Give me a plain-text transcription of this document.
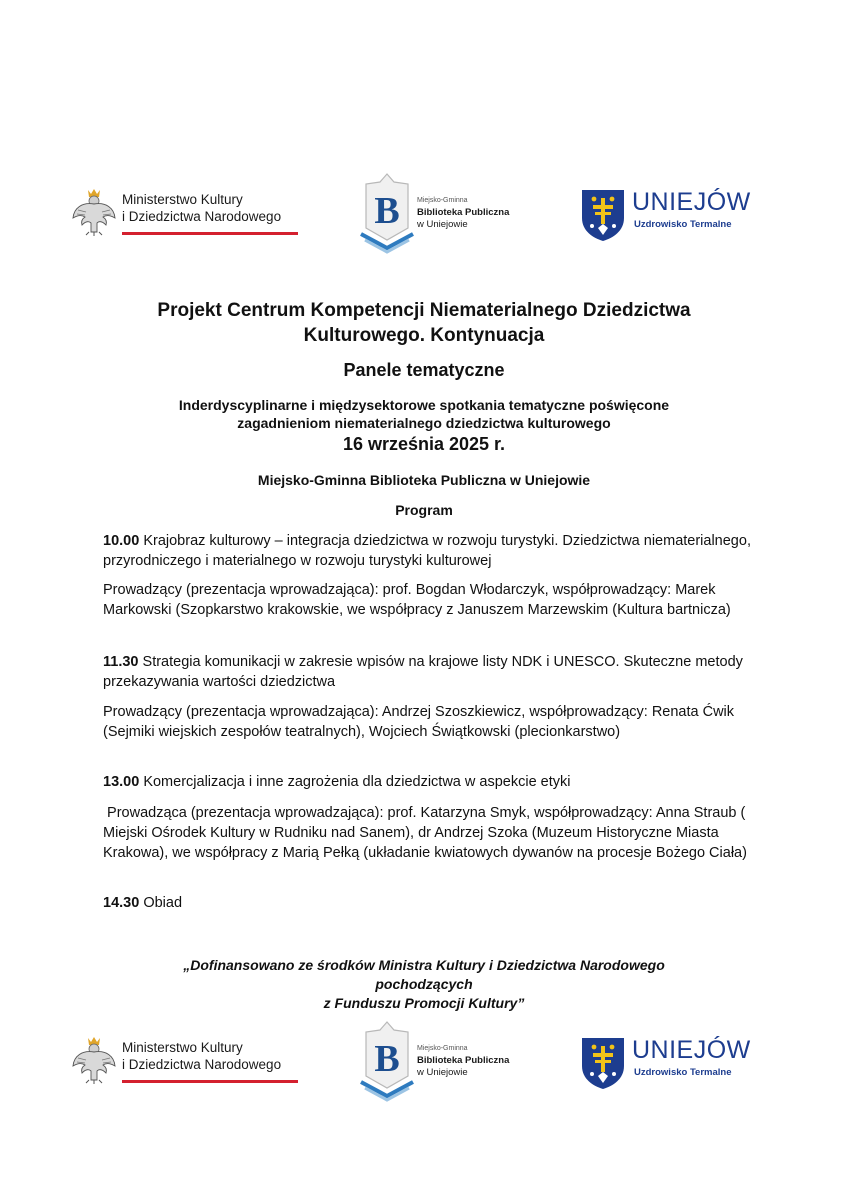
Ministerstwo Kultury
i Dziedzictwa Narodowego B Miejsko-Gminna
Biblioteka Publiczna
w Uniejowie
UNIEJÓW
Uzdrowisko Termalne
Projekt Centrum Kompetencji Niematerialnego Dziedzictwa
Kulturowego. Kontynuacja
Panele tematyczne
Inderdyscyplinarne i międzysektorowe spotkania tematyczne poświęcone
zagadnieniom niematerialnego dziedzictwa kulturowego
16 września 2025 r.
Miejsko-Gminna Biblioteka Publiczna w Uniejowie
Program
10.00 Krajobraz kulturowy – integracja dziedzictwa w rozwoju turystyki. Dziedzictwa niematerialnego, przyrodniczego i materialnego w rozwoju turystyki kulturowej
Prowadzący (prezentacja wprowadzająca): prof. Bogdan Włodarczyk, współprowadzący: Marek Markowski (Szopkarstwo krakowskie, we współpracy z Januszem Marzewskim (Kultura bartnicza)
11.30 Strategia komunikacji w zakresie wpisów na krajowe listy NDK i UNESCO. Skuteczne metody przekazywania wartości dziedzictwa
Prowadzący (prezentacja wprowadzająca): Andrzej Szoszkiewicz, współprowadzący: Renata Ćwik (Sejmiki wiejskich zespołów teatralnych), Wojciech Świątkowski (plecionkarstwo)
13.00 Komercjalizacja i inne zagrożenia dla dziedzictwa w aspekcie etyki
Prowadząca (prezentacja wprowadzająca): prof. Katarzyna Smyk, współprowadzący: Anna Straub ( Miejski Ośrodek Kultury w Rudniku nad Sanem), dr Andrzej Szoka (Muzeum Historyczne Miasta Krakowa), we współpracy z Marią Pełką (układanie kwiatowych dywanów na procesje Bożego Ciała)
14.30 Obiad
„Dofinansowano ze środków Ministra Kultury i Dziedzictwa Narodowego
pochodzących
z Funduszu Promocji Kultury”
Ministerstwo Kultury
i Dziedzictwa Narodowego B Miejsko-Gminna
Biblioteka Publiczna
w Uniejowie
UNIEJÓW
Uzdrowisko Termalne
